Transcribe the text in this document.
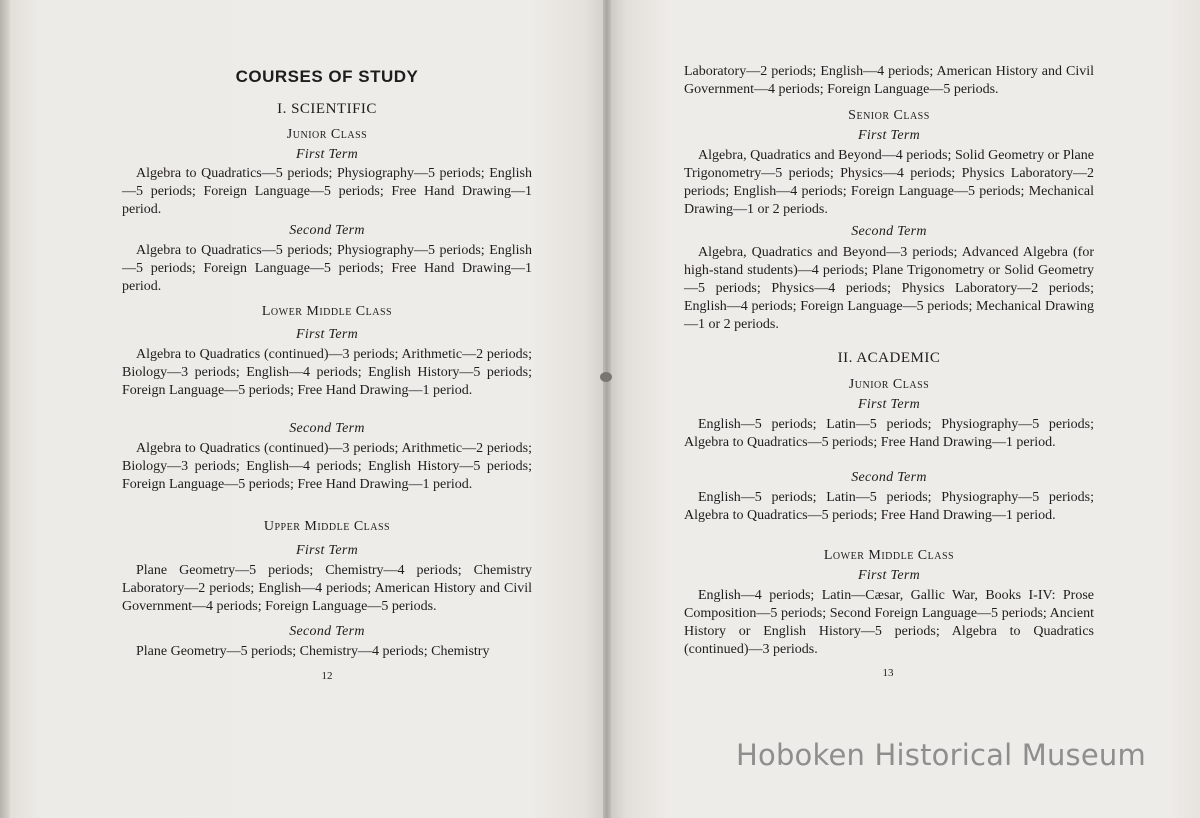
COURSES OF STUDY
I. SCIENTIFIC
Junior Class
First Term
Algebra to Quadratics—5 periods; Physiography—5 periods; English—5 periods; Foreign Language—5 periods; Free Hand Drawing—1 period.
Second Term
Algebra to Quadratics—5 periods; Physiography—5 periods; English—5 periods; Foreign Language—5 periods; Free Hand Drawing—1 period.
Lower Middle Class
First Term
Algebra to Quadratics (continued)—3 periods; Arithmetic—2 periods; Biology—3 periods; English—4 periods; English History—5 periods; Foreign Language—5 periods; Free Hand Drawing—1 period.
Second Term
Algebra to Quadratics (continued)—3 periods; Arithmetic—2 periods; Biology—3 periods; English—4 periods; English History—5 periods; Foreign Language—5 periods; Free Hand Drawing—1 period.
Upper Middle Class
First Term
Plane Geometry—5 periods; Chemistry—4 periods; Chemistry Laboratory—2 periods; English—4 periods; American History and Civil Government—4 periods; Foreign Language—5 periods.
Second Term
Plane Geometry—5 periods; Chemistry—4 periods; Chemistry
12
Laboratory—2 periods; English—4 periods; American History and Civil Government—4 periods; Foreign Language—5 periods.
Senior Class
First Term
Algebra, Quadratics and Beyond—4 periods; Solid Geometry or Plane Trigonometry—5 periods; Physics—4 periods; Physics Laboratory—2 periods; English—4 periods; Foreign Language—5 periods; Mechanical Drawing—1 or 2 periods.
Second Term
Algebra, Quadratics and Beyond—3 periods; Advanced Algebra (for high-stand students)—4 periods; Plane Trigonometry or Solid Geometry—5 periods; Physics—4 periods; Physics Laboratory—2 periods; English—4 periods; Foreign Language—5 periods; Mechanical Drawing—1 or 2 periods.
II. ACADEMIC
Junior Class
First Term
English—5 periods; Latin—5 periods; Physiography—5 periods; Algebra to Quadratics—5 periods; Free Hand Drawing—1 period.
Second Term
English—5 periods; Latin—5 periods; Physiography—5 periods; Algebra to Quadratics—5 periods; Free Hand Drawing—1 period.
Lower Middle Class
First Term
English—4 periods; Latin—Cæsar, Gallic War, Books I-IV: Prose Composition—5 periods; Second Foreign Language—5 periods; Ancient History or English History—5 periods; Algebra to Quadratics (continued)—3 periods.
13
Hoboken Historical Museum
